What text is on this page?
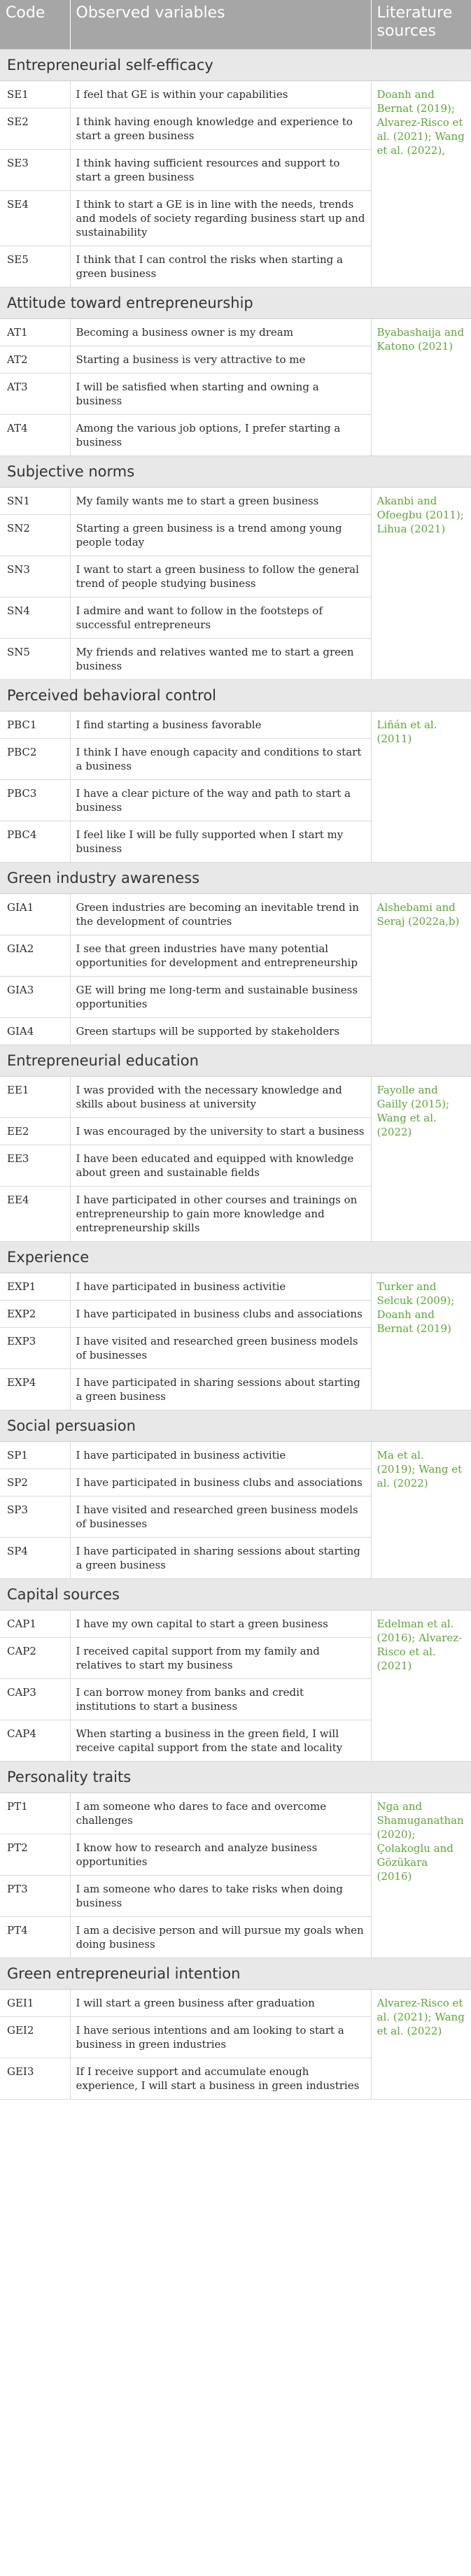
Code	Observed variables	Literature sources
Entrepreneurial self-efficacy		
SE1	I feel that GE is within your capabilities	Doanh and Bernat (2019); Alvarez-Risco et al. (2021); Wang et al. (2022),
SE2	I think having enough knowledge and experience to start a green business	
SE3	I think having sufficient resources and support to start a green business	
SE4	I think to start a GE is in line with the needs, trends and models of society regarding business start up and sustainability	
SE5	I think that I can control the risks when starting a green business	
Attitude toward entrepreneurship		
AT1	Becoming a business owner is my dream	Byabashaija and Katono (2021)
AT2	Starting a business is very attractive to me	
AT3	I will be satisfied when starting and owning a business	
AT4	Among the various job options, I prefer starting a business	
Subjective norms		
SN1	My family wants me to start a green business	Akanbi and Ofoegbu (2011); Lihua (2021)
SN2	Starting a green business is a trend among young people today	
SN3	I want to start a green business to follow the general trend of people studying business	
SN4	I admire and want to follow in the footsteps of successful entrepreneurs	
SN5	My friends and relatives wanted me to start a green business	
Perceived behavioral control		
PBC1	I find starting a business favorable	Liñán et al. (2011)
PBC2	I think I have enough capacity and conditions to start a business	
PBC3	I have a clear picture of the way and path to start a business	
PBC4	I feel like I will be fully supported when I start my business	
Green industry awareness		
GIA1	Green industries are becoming an inevitable trend in the development of countries	Alshebami and Seraj (2022a,b)
GIA2	I see that green industries have many potential opportunities for development and entrepreneurship	
GIA3	GE will bring me long-term and sustainable business opportunities	
GIA4	Green startups will be supported by stakeholders	
Entrepreneurial education		
EE1	I was provided with the necessary knowledge and skills about business at university	Fayolle and Gailly (2015); Wang et al. (2022)
EE2	I was encouraged by the university to start a business	
EE3	I have been educated and equipped with knowledge about green and sustainable fields	
EE4	I have participated in other courses and trainings on entrepreneurship to gain more knowledge and entrepreneurship skills	
Experience		
EXP1	I have participated in business activitie	Turker and Selcuk (2009); Doanh and Bernat (2019)
EXP2	I have participated in business clubs and associations	
EXP3	I have visited and researched green business models of businesses	
EXP4	I have participated in sharing sessions about starting a green business	
Social persuasion		
SP1	I have participated in business activitie	Ma et al. (2019); Wang et al. (2022)
SP2	I have participated in business clubs and associations	
SP3	I have visited and researched green business models of businesses	
SP4	I have participated in sharing sessions about starting a green business	
Capital sources		
CAP1	I have my own capital to start a green business	Edelman et al. (2016); Alvarez-Risco et al. (2021)
CAP2	I received capital support from my family and relatives to start my business	
CAP3	I can borrow money from banks and credit institutions to start a business	
CAP4	When starting a business in the green field, I will receive capital support from the state and locality	
Personality traits		
PT1	I am someone who dares to face and overcome challenges	Nga and Shamuganathan (2020); Çolakoglu and Gözükara (2016)
PT2	I know how to research and analyze business opportunities	
PT3	I am someone who dares to take risks when doing business	
PT4	I am a decisive person and will pursue my goals when doing business	
Green entrepreneurial intention		
GEI1	I will start a green business after graduation	Alvarez-Risco et al. (2021); Wang et al. (2022)
GEI2	I have serious intentions and am looking to start a business in green industries	
GEI3	If I receive support and accumulate enough experience, I will start a business in green industries	
